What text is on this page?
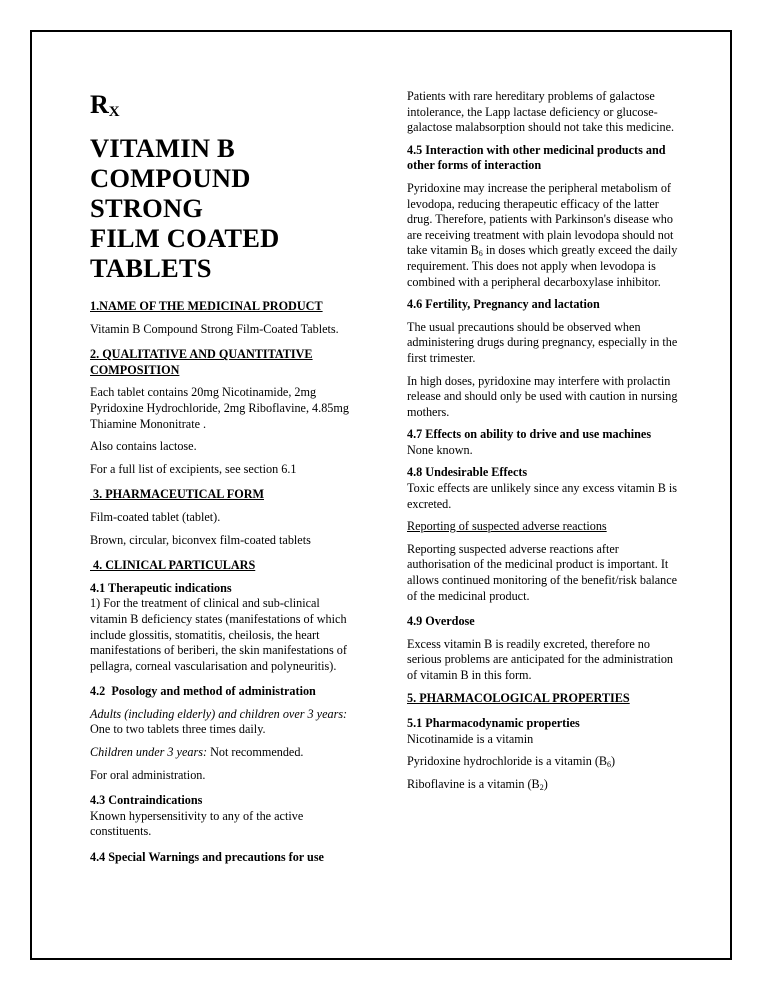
$R_X$
VITAMIN B
COMPOUND STRONG
FILM COATED
TABLETS

1.NAME OF THE MEDICINAL PRODUCT

Vitamin B Compound Strong Film-Coated Tablets.

2. QUALITATIVE AND QUANTITATIVE COMPOSITION

Each tablet contains 20mg Nicotinamide, 2mg Pyridoxine Hydrochloride, 2mg Riboflavine, 4.85mg Thiamine Mononitrate .

Also contains lactose.

For a full list of excipients, see section 6.1

3. PHARMACEUTICAL FORM

Film-coated tablet (tablet).

Brown, circular, biconvex film-coated tablets

4. CLINICAL PARTICULARS

4.1 Therapeutic indications

1) For the treatment of clinical and sub-clinical vitamin B deficiency states (manifestations of which include glossitis, stomatitis, cheilosis, the heart manifestations of beriberi, the skin manifestations of pellagra, corneal vascularisation and polyneuritis).

4.2  Posology and method of administration

Adults (including elderly) and children over 3 years: One to two tablets three times daily.

Children under 3 years: Not recommended.

For oral administration.

4.3 Contraindications

Known hypersensitivity to any of the active constituents.

4.4 Special Warnings and precautions for use

Patients with rare hereditary problems of galactose intolerance, the Lapp lactase deficiency or glucose-galactose malabsorption should not take this medicine.

4.5 Interaction with other medicinal products and other forms of interaction

Pyridoxine may increase the peripheral metabolism of levodopa, reducing therapeutic efficacy of the latter drug. Therefore, patients with Parkinson's disease who are receiving treatment with plain levodopa should not take vitamin $B_6$ in doses which greatly exceed the daily requirement. This does not apply when levodopa is combined with a peripheral decarboxylase inhibitor.

4.6 Fertility, Pregnancy and lactation

The usual precautions should be observed when administering drugs during pregnancy, especially in the first trimester.

In high doses, pyridoxine may interfere with prolactin release and should only be used with caution in nursing mothers.

4.7 Effects on ability to drive and use machines

None known.

4.8 Undesirable Effects

Toxic effects are unlikely since any excess vitamin B is excreted.

Reporting of suspected adverse reactions

Reporting suspected adverse reactions after authorisation of the medicinal product is important. It allows continued monitoring of the benefit/risk balance of the medicinal product.

4.9 Overdose

Excess vitamin B is readily excreted, therefore no serious problems are anticipated for the administration of vitamin B in this form.

5. PHARMACOLOGICAL PROPERTIES

5.1 Pharmacodynamic properties

Nicotinamide is a vitamin

Pyridoxine hydrochloride is a vitamin $(B_6)$

Riboflavine is a vitamin $(B_2)$
